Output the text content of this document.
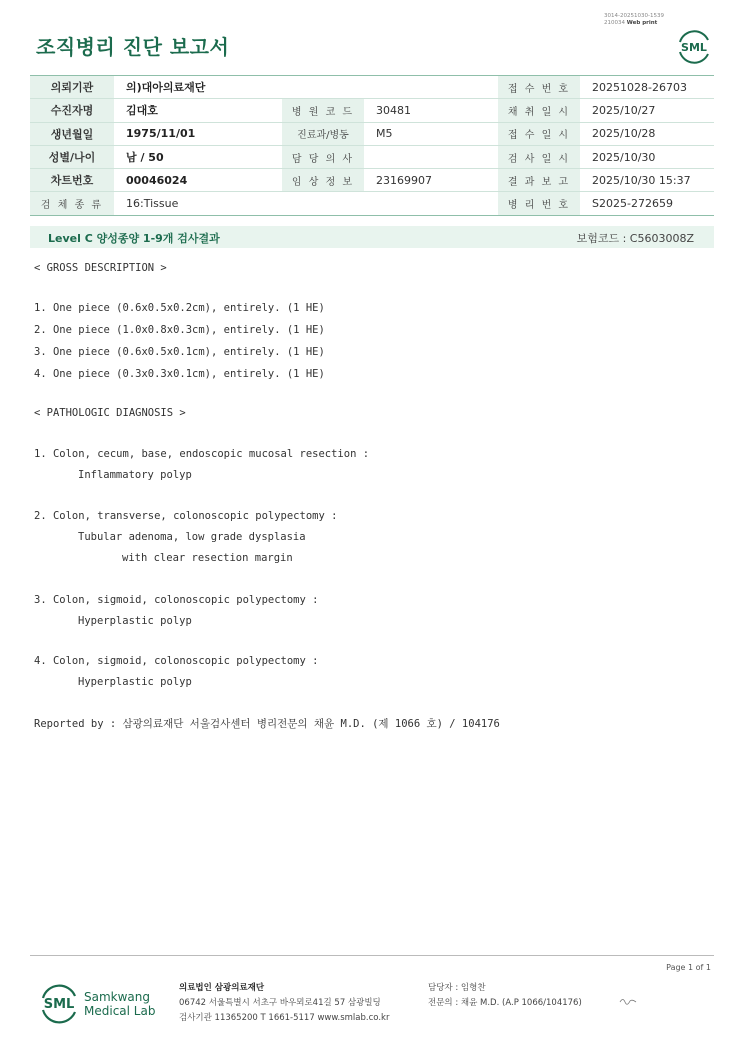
3014-20251030-1539
210034 Web print
조직병리 진단 보고서	SML
의뢰기관	의)대아의료재단			접 수 번 호	20251028-26703
수진자명	김대호	병 원 코 드	30481	채 취 일 시	2025/10/27
생년월일	1975/11/01	진료과/병동	M5	접 수 일 시	2025/10/28
성별/나이	남 / 50	담 당 의 사		검 사 일 시	2025/10/30
차트번호	00046024	임 상 정 보	23169907	결 과 보 고	2025/10/30 15:37
검 체 종 류	16:Tissue			병 리 번 호	S2025-272659
Level C 양성종양 1-9개 검사결과	보험코드 : C5603008Z
< GROSS DESCRIPTION >
1. One piece (0.6x0.5x0.2cm), entirely. (1 HE)
2. One piece (1.0x0.8x0.3cm), entirely. (1 HE)
3. One piece (0.6x0.5x0.1cm), entirely. (1 HE)
4. One piece (0.3x0.3x0.1cm), entirely. (1 HE)
< PATHOLOGIC DIAGNOSIS >
1. Colon, cecum, base, endoscopic mucosal resection :
Inflammatory polyp
2. Colon, transverse, colonoscopic polypectomy :
Tubular adenoma, low grade dysplasia
with clear resection margin
3. Colon, sigmoid, colonoscopic polypectomy :
Hyperplastic polyp
4. Colon, sigmoid, colonoscopic polypectomy :
Hyperplastic polyp
Reported by : 삼광의료재단 서울검사센터 병리전문의 채윤 M.D. (제 1066 호) / 104176
Page 1 of 1
SML Samkwang
Medical Lab
의료법인 삼광의료재단
06742 서울특별시 서초구 바우뫼로41길 57 삼광빌딩
검사기관 11365200 T 1661-5117 www.smlab.co.kr
담당자 : 임형찬
전문의 : 채윤 M.D. (A.P 1066/104176)
